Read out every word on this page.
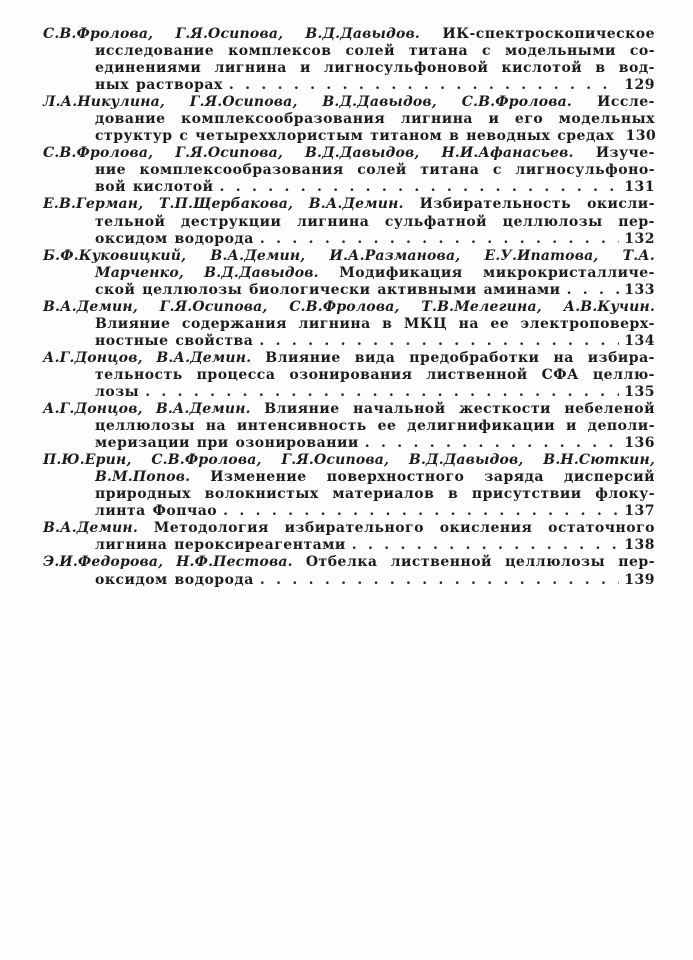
С.В.Фролова, Г.Я.Осипова, В.Д.Давыдов. ИК-спектроскопическое
исследование комплексов солей титана с модельными со-
единениями лигнина и лигносульфоновой кислотой в вод-
ных растворах . . .	129
Л.А.Никулина, Г.Я.Осипова, В.Д.Давыдов, С.В.Фролова. Иссле-
дование комплексообразования лигнина и его модельных
структур с четыреххлористым титаном в неводных средах 130
С.В.Фролова, Г.Я.Осипова, В.Д.Давыдов, Н.И.Афанасьев. Изуче-
ние комплексообразования солей титана с лигносульфоно-
вой кислотой . . .	131
Е.В.Герман, Т.П.Щербакова, В.А.Демин. Избирательность окисли-
тельной деструкции лигнина сульфатной целлюлозы пер-
оксидом водорода . . .	132
Б.Ф.Куковицкий, В.А.Демин, И.А.Разманова, Е.У.Ипатова, Т.А.
Марченко, В.Д.Давыдов. Модификация микрокристалличе-
ской целлюлозы биологически активными аминами . . .	133
В.А.Демин, Г.Я.Осипова, С.В.Фролова, Т.В.Мелегина, А.В.Кучин.
Влияние содержания лигнина в МКЦ на ее электроповерх-
ностные свойства . . .	134
А.Г.Донцов, В.А.Демин. Влияние вида предобработки на избира-
тельность процесса озонирования лиственной СФА целлю-
лозы . . .	135
А.Г.Донцов, В.А.Демин. Влияние начальной жесткости небеленой
целлюлозы на интенсивность ее делигнификации и деполи-
меризации при озонировании . . .	136
П.Ю.Ерин, С.В.Фролова, Г.Я.Осипова, В.Д.Давыдов, В.Н.Сюткин,
В.М.Попов. Изменение поверхностного заряда дисперсий
природных волокнистых материалов в присутствии флоку-
линта Фопчао . . .	137
В.А.Демин. Методология избирательного окисления остаточного
лигнина пероксиреагентами . . .	138
Э.И.Федорова, Н.Ф.Пестова. Отбелка лиственной целлюлозы пер-
оксидом водорода . . .	139
